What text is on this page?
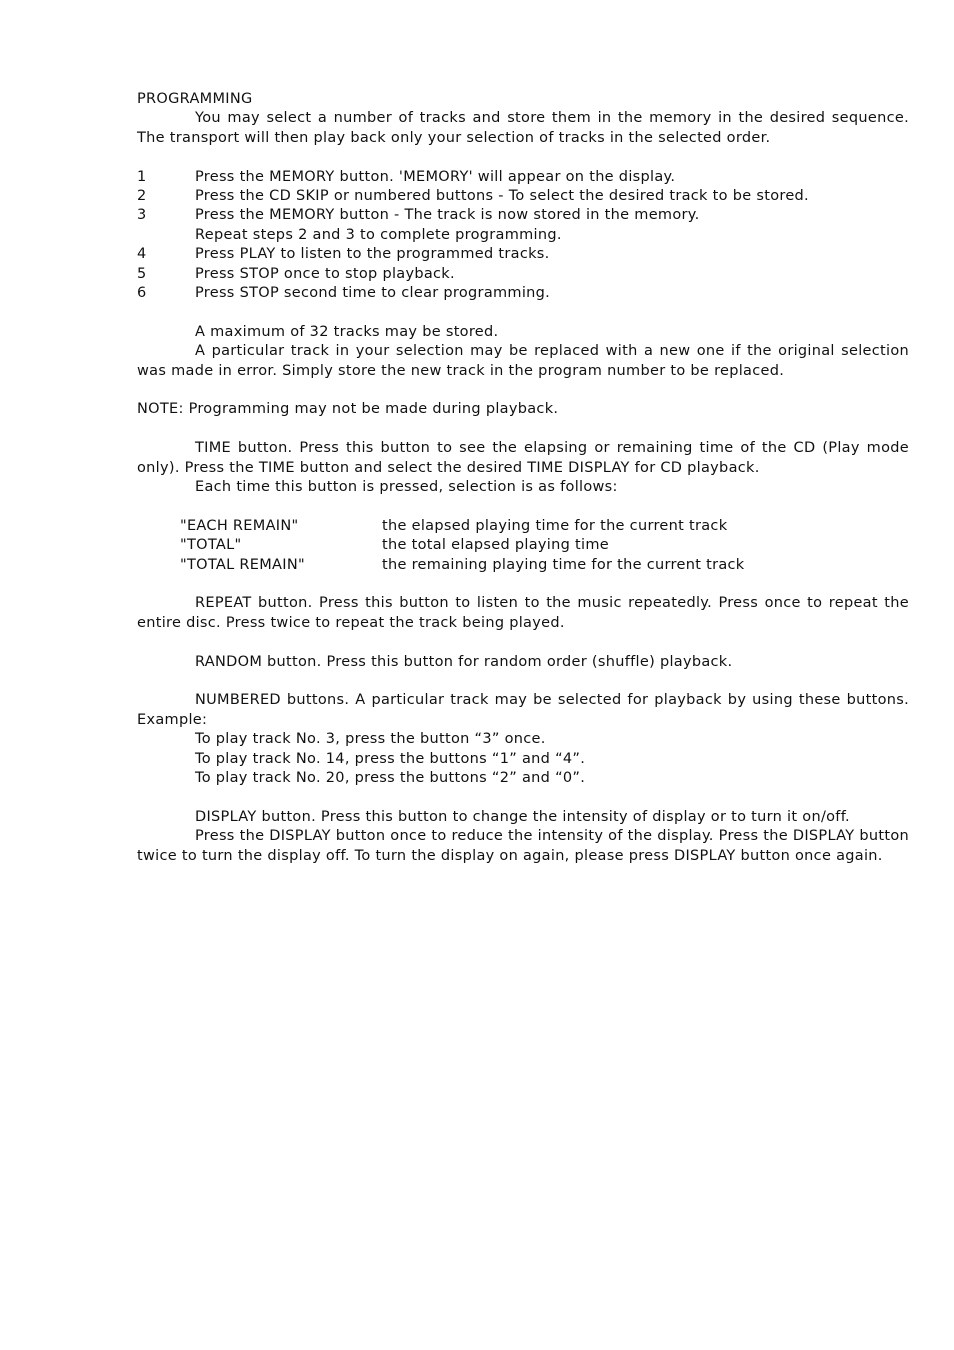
PROGRAMMING

You may select a number of tracks and store them in the memory in the desired sequence. The transport will then play back only your selection of tracks in the selected order.

1	Press the MEMORY button. 'MEMORY' will appear on the display.
2	Press the CD SKIP or numbered buttons - To select the desired track to be stored.
3	Press the MEMORY button - The track is now stored in the memory.
Repeat steps 2 and 3 to complete programming.
4	Press PLAY to listen to the programmed tracks.
5	Press STOP once to stop playback.
6	Press STOP second time to clear programming.

A maximum of 32 tracks may be stored.

A particular track in your selection may be replaced with a new one if the original selection was made in error. Simply store the new track in the program number to be replaced.

NOTE: Programming may not be made during playback.

TIME button. Press this button to see the elapsing or remaining time of the CD (Play mode only). Press the TIME button and select the desired TIME DISPLAY for CD playback.

Each time this button is pressed, selection is as follows:

"EACH REMAIN"	the elapsed playing time for the current track
"TOTAL"	the total elapsed playing time
"TOTAL REMAIN"	the remaining playing time for the current track

REPEAT button. Press this button to listen to the music repeatedly. Press once to repeat the entire disc. Press twice to repeat the track being played.

RANDOM button. Press this button for random order (shuffle) playback.

NUMBERED buttons. A particular track may be selected for playback by using these buttons. Example:

To play track No. 3, press the button “3” once.

To play track No. 14, press the buttons “1” and “4”.

To play track No. 20, press the buttons “2” and “0”.

DISPLAY button. Press this button to change the intensity of display or to turn it on/off.

Press the DISPLAY button once to reduce the intensity of the display. Press the DISPLAY button twice to turn the display off. To turn the display on again, please press DISPLAY button once again.
